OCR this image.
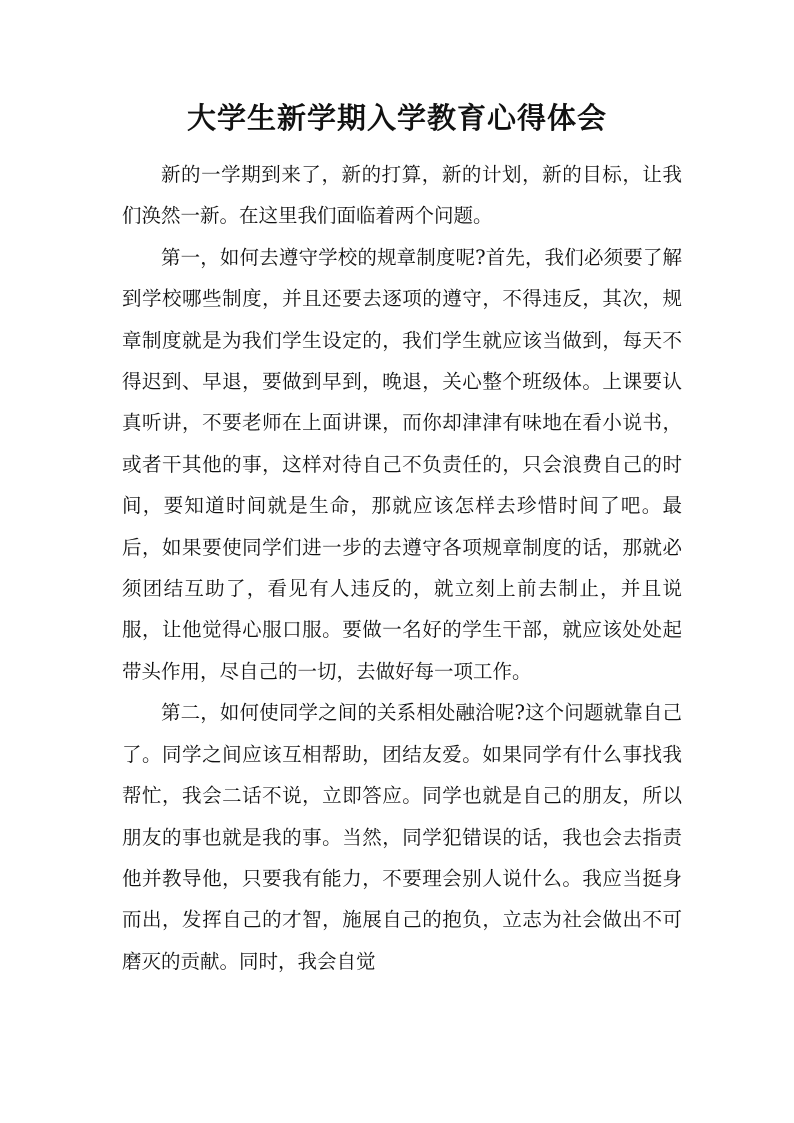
大学生新学期入学教育心得体会

新的一学期到来了，新的打算，新的计划，新的目标，让我们涣然一新。在这里我们面临着两个问题。

第一，如何去遵守学校的规章制度呢?首先，我们必须要了解到学校哪些制度，并且还要去逐项的遵守，不得违反，其次，规章制度就是为我们学生设定的，我们学生就应该当做到，每天不得迟到、早退，要做到早到，晚退，关心整个班级体。上课要认真听讲，不要老师在上面讲课，而你却津津有味地在看小说书，或者干其他的事，这样对待自己不负责任的，只会浪费自己的时间，要知道时间就是生命，那就应该怎样去珍惜时间了吧。最后，如果要使同学们进一步的去遵守各项规章制度的话，那就必须团结互助了，看见有人违反的，就立刻上前去制止，并且说服，让他觉得心服口服。要做一名好的学生干部，就应该处处起带头作用，尽自己的一切，去做好每一项工作。

第二，如何使同学之间的关系相处融洽呢?这个问题就靠自己了。同学之间应该互相帮助，团结友爱。如果同学有什么事找我帮忙，我会二话不说，立即答应。同学也就是自己的朋友，所以朋友的事也就是我的事。当然，同学犯错误的话，我也会去指责他并教导他，只要我有能力，不要理会别人说什么。我应当挺身而出，发挥自己的才智，施展自己的抱负，立志为社会做出不可磨灭的贡献。同时，我会自觉
